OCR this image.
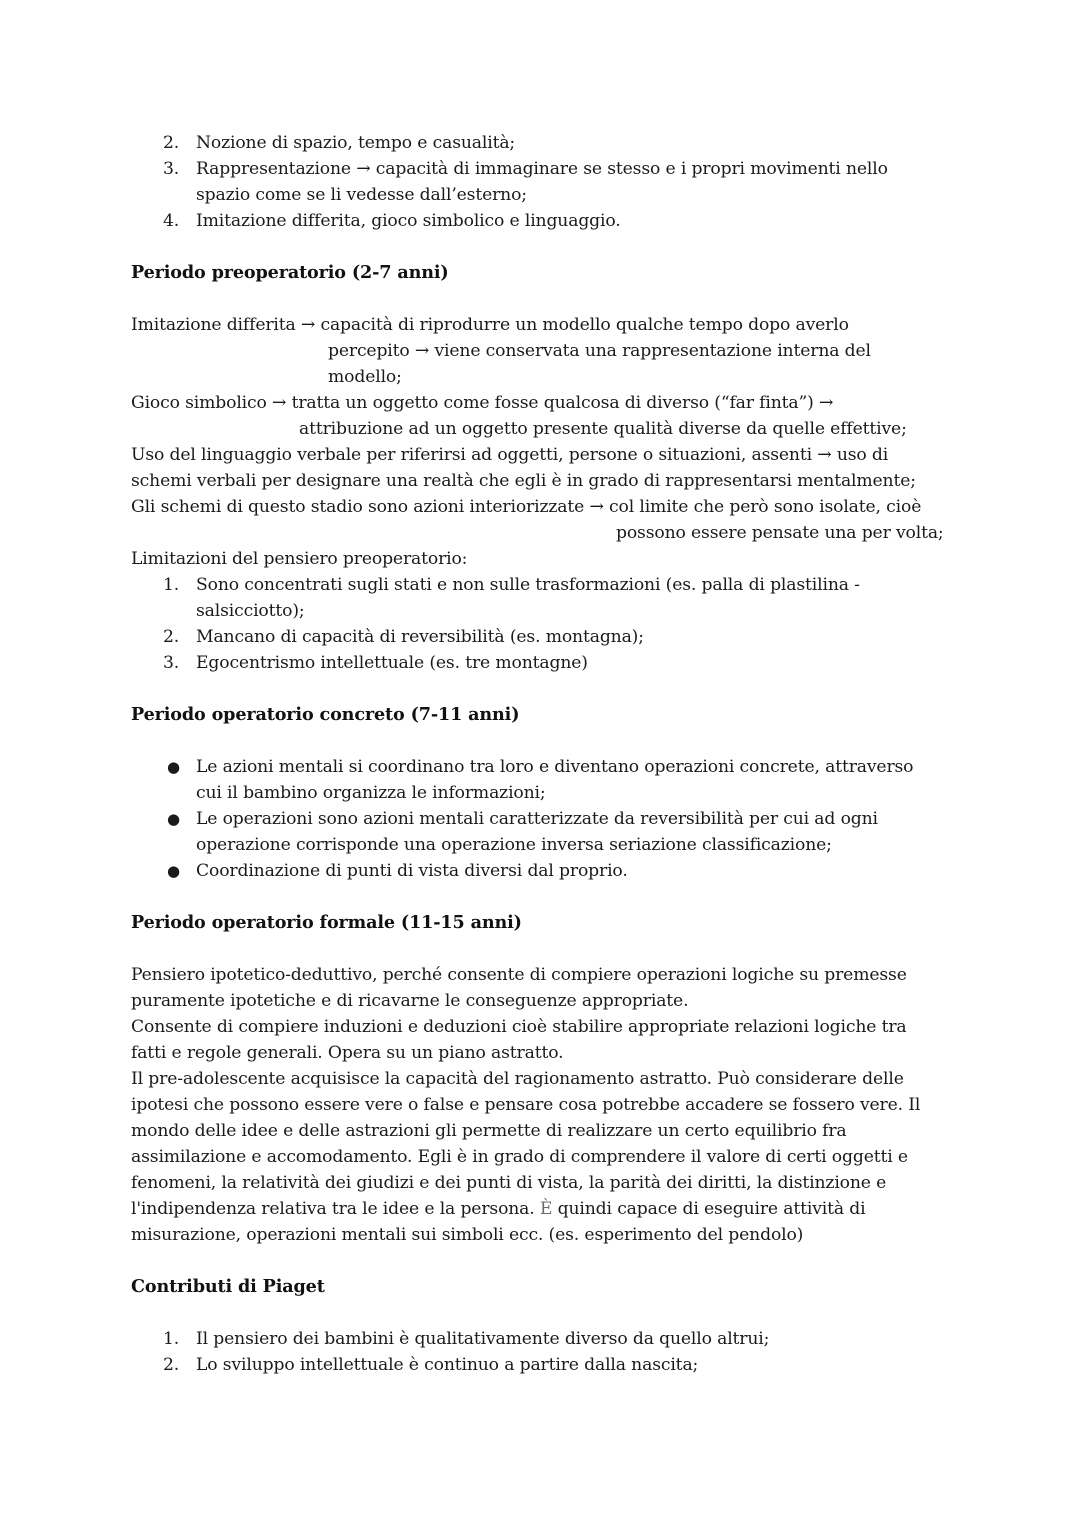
2. Nozione di spazio, tempo e casualità;
3. Rappresentazione → capacità di immaginare se stesso e i propri movimenti nello
spazio come se li vedesse dall’esterno;
4. Imitazione differita, gioco simbolico e linguaggio.
Periodo preoperatorio (2-7 anni)
Imitazione differita → capacità di riprodurre un modello qualche tempo dopo averlo
percepito → viene conservata una rappresentazione interna del
modello;
Gioco simbolico → tratta un oggetto come fosse qualcosa di diverso (“far finta”) →
attribuzione ad un oggetto presente qualità diverse da quelle effettive;
Uso del linguaggio verbale per riferirsi ad oggetti, persone o situazioni, assenti → uso di
schemi verbali per designare una realtà che egli è in grado di rappresentarsi mentalmente;
Gli schemi di questo stadio sono azioni interiorizzate → col limite che però sono isolate, cioè
possono essere pensate una per volta;
Limitazioni del pensiero preoperatorio:
1. Sono concentrati sugli stati e non sulle trasformazioni (es. palla di plastilina -
salsicciotto);
2. Mancano di capacità di reversibilità (es. montagna);
3. Egocentrismo intellettuale (es. tre montagne)
Periodo operatorio concreto (7-11 anni)
● Le azioni mentali si coordinano tra loro e diventano operazioni concrete, attraverso
cui il bambino organizza le informazioni;
● Le operazioni sono azioni mentali caratterizzate da reversibilità per cui ad ogni
operazione corrisponde una operazione inversa seriazione classificazione;
● Coordinazione di punti di vista diversi dal proprio.
Periodo operatorio formale (11-15 anni)
Pensiero ipotetico-deduttivo, perché consente di compiere operazioni logiche su premesse
puramente ipotetiche e di ricavarne le conseguenze appropriate.
Consente di compiere induzioni e deduzioni cioè stabilire appropriate relazioni logiche tra
fatti e regole generali. Opera su un piano astratto.
Il pre-adolescente acquisisce la capacità del ragionamento astratto. Può considerare delle
ipotesi che possono essere vere o false e pensare cosa potrebbe accadere se fossero vere. Il
mondo delle idee e delle astrazioni gli permette di realizzare un certo equilibrio fra
assimilazione e accomodamento. Egli è in grado di comprendere il valore di certi oggetti e
fenomeni, la relatività dei giudizi e dei punti di vista, la parità dei diritti, la distinzione e
l'indipendenza relativa tra le idee e la persona. È quindi capace di eseguire attività di
misurazione, operazioni mentali sui simboli ecc. (es. esperimento del pendolo)
Contributi di Piaget
1. Il pensiero dei bambini è qualitativamente diverso da quello altrui;
2. Lo sviluppo intellettuale è continuo a partire dalla nascita;
